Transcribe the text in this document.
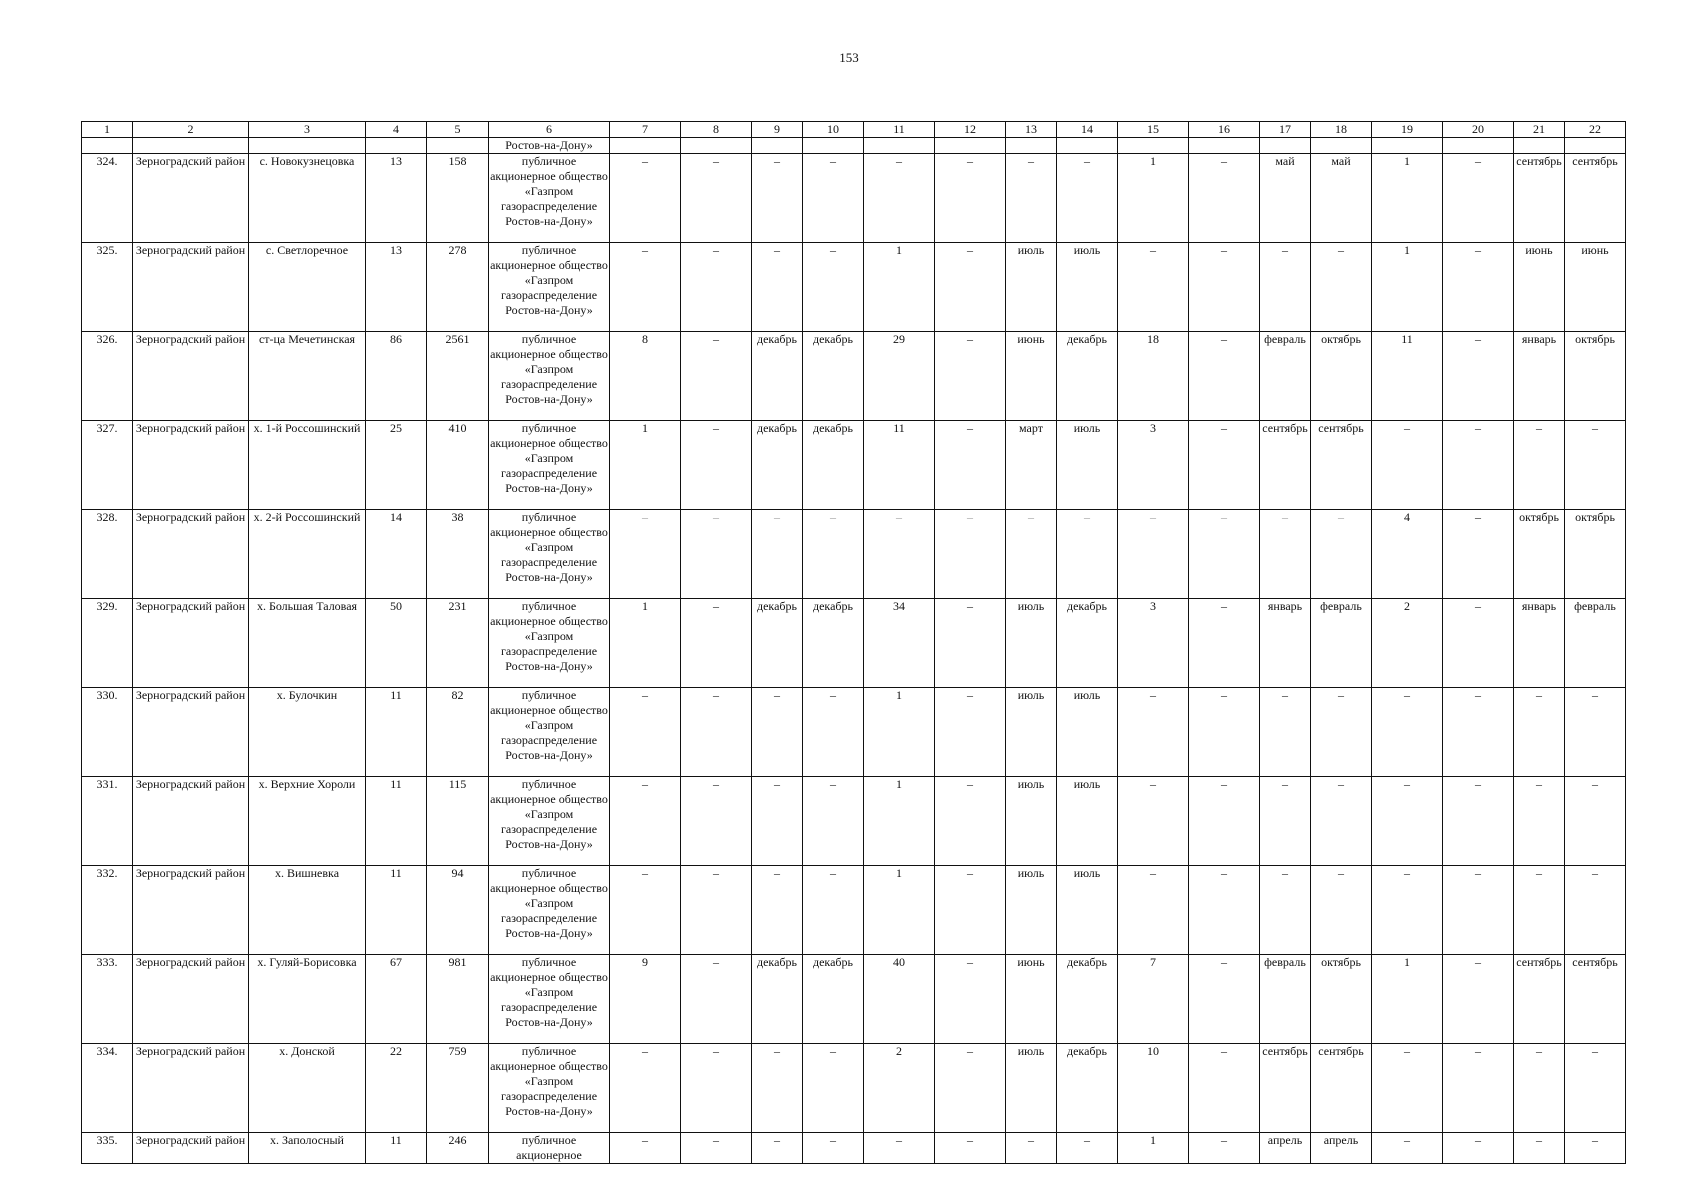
153
1	2	3	4	5	6	7	8	9	10	11	12	13	14	15	16	17	18	19	20	21	22
					Ростов-на-Дону»																
324.	Зерноградский район	с. Новокузнецовка	13	158	публичное акционерное общество «Газпром газораспределение Ростов-на-Дону»	–	–	–	–	–	–	–	–	1	–	май	май	1	–	сентябрь	сентябрь
325.	Зерноградский район	с. Светлоречное	13	278	публичное акционерное общество «Газпром газораспределение Ростов-на-Дону»	–	–	–	–	1	–	июль	июль	–	–	–	–	1	–	июнь	июнь
326.	Зерноградский район	ст-ца Мечетинская	86	2561	публичное акционерное общество «Газпром газораспределение Ростов-на-Дону»	8	–	декабрь	декабрь	29	–	июнь	декабрь	18	–	февраль	октябрь	11	–	январь	октябрь
327.	Зерноградский район	х. 1-й Россошинский	25	410	публичное акционерное общество «Газпром газораспределение Ростов-на-Дону»	1	–	декабрь	декабрь	11	–	март	июль	3	–	сентябрь	сентябрь	–	–	–	–
328.	Зерноградский район	х. 2-й Россошинский	14	38	публичное акционерное общество «Газпром газораспределение Ростов-на-Дону»	–	–	–	–	–	–	–	–	–	–	–	–	4	–	октябрь	октябрь
329.	Зерноградский район	х. Большая Таловая	50	231	публичное акционерное общество «Газпром газораспределение Ростов-на-Дону»	1	–	декабрь	декабрь	34	–	июль	декабрь	3	–	январь	февраль	2	–	январь	февраль
330.	Зерноградский район	х. Булочкин	11	82	публичное акционерное общество «Газпром газораспределение Ростов-на-Дону»	–	–	–	–	1	–	июль	июль	–	–	–	–	–	–	–	–
331.	Зерноградский район	х. Верхние Хороли	11	115	публичное акционерное общество «Газпром газораспределение Ростов-на-Дону»	–	–	–	–	1	–	июль	июль	–	–	–	–	–	–	–	–
332.	Зерноградский район	х. Вишневка	11	94	публичное акционерное общество «Газпром газораспределение Ростов-на-Дону»	–	–	–	–	1	–	июль	июль	–	–	–	–	–	–	–	–
333.	Зерноградский район	х. Гуляй-Борисовка	67	981	публичное акционерное общество «Газпром газораспределение Ростов-на-Дону»	9	–	декабрь	декабрь	40	–	июнь	декабрь	7	–	февраль	октябрь	1	–	сентябрь	сентябрь
334.	Зерноградский район	х. Донской	22	759	публичное акционерное общество «Газпром газораспределение Ростов-на-Дону»	–	–	–	–	2	–	июль	декабрь	10	–	сентябрь	сентябрь	–	–	–	–
335.	Зерноградский район	х. Заполосный	11	246	публичное акционерное	–	–	–	–	–	–	–	–	1	–	апрель	апрель	–	–	–	–
